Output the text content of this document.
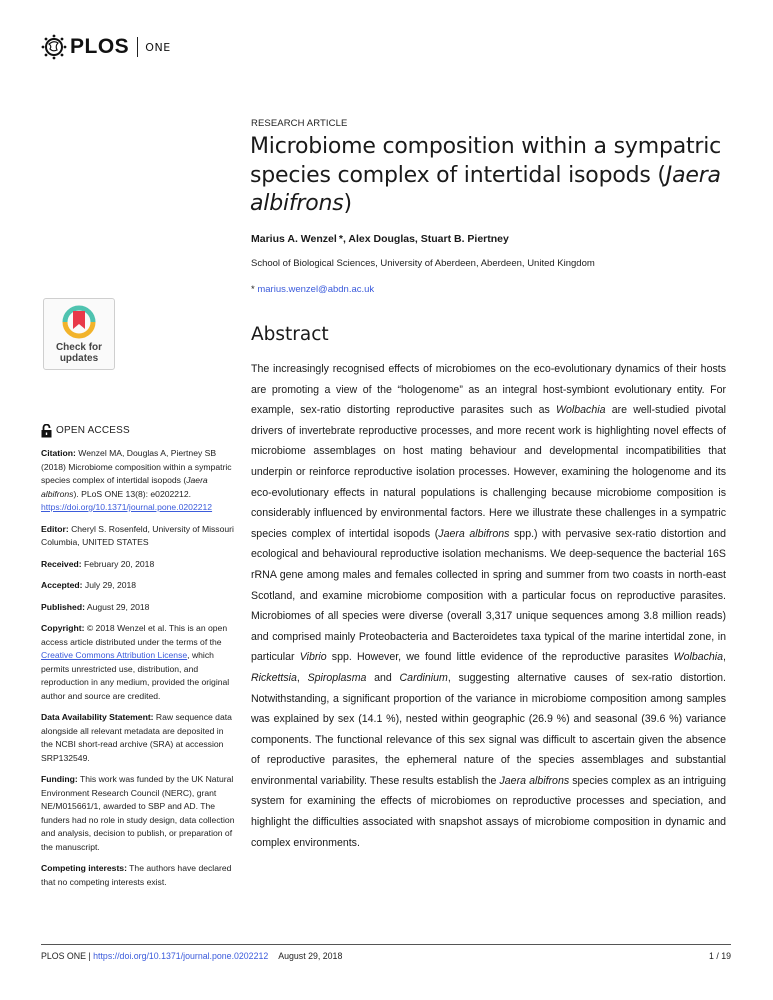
PLOS ONE
RESEARCH ARTICLE
Microbiome composition within a sympatric species complex of intertidal isopods (Jaera albifrons)
Marius A. Wenzel *, Alex Douglas, Stuart B. Piertney
School of Biological Sciences, University of Aberdeen, Aberdeen, United Kingdom
* marius.wenzel@abdn.ac.uk
Check for
updates
OPEN ACCESS

Citation: Wenzel MA, Douglas A, Piertney SB (2018) Microbiome composition within a sympatric species complex of intertidal isopods (Jaera albifrons). PLoS ONE 13(8): e0202212. https://doi.org/10.1371/journal.pone.0202212

Editor: Cheryl S. Rosenfeld, University of Missouri Columbia, UNITED STATES

Received: February 20, 2018

Accepted: July 29, 2018

Published: August 29, 2018

Copyright: © 2018 Wenzel et al. This is an open access article distributed under the terms of the Creative Commons Attribution License, which permits unrestricted use, distribution, and reproduction in any medium, provided the original author and source are credited.

Data Availability Statement: Raw sequence data alongside all relevant metadata are deposited in the NCBI short-read archive (SRA) at accession SRP132549.

Funding: This work was funded by the UK Natural Environment Research Council (NERC), grant NE/M015661/1, awarded to SBP and AD. The funders had no role in study design, data collection and analysis, decision to publish, or preparation of the manuscript.

Competing interests: The authors have declared that no competing interests exist.

Abstract

The increasingly recognised effects of microbiomes on the eco-evolutionary dynamics of their hosts are promoting a view of the “hologenome” as an integral host-symbiont evolutionary entity. For example, sex-ratio distorting reproductive parasites such as Wolbachia are well-studied pivotal drivers of invertebrate reproductive processes, and more recent work is highlighting novel effects of microbiome assemblages on host mating behaviour and developmental incompatibilities that underpin or reinforce reproductive isolation processes. However, examining the hologenome and its eco-evolutionary effects in natural populations is challenging because microbiome composition is considerably influenced by environmental factors. Here we illustrate these challenges in a sympatric species complex of intertidal isopods (Jaera albifrons spp.) with pervasive sex-ratio distortion and ecological and behavioural reproductive isolation mechanisms. We deep-sequence the bacterial 16S rRNA gene among males and females collected in spring and summer from two coasts in north-east Scotland, and examine microbiome composition with a particular focus on reproductive parasites. Microbiomes of all species were diverse (overall 3,317 unique sequences among 3.8 million reads) and comprised mainly Proteobacteria and Bacteroidetes taxa typical of the marine intertidal zone, in particular Vibrio spp. However, we found little evidence of the reproductive parasites Wolbachia, Rickettsia, Spiroplasma and Cardinium, suggesting alternative causes of sex-ratio distortion. Notwithstanding, a significant proportion of the variance in microbiome composition among samples was explained by sex (14.1 %), nested within geographic (26.9 %) and seasonal (39.6 %) variance components. The functional relevance of this sex signal was difficult to ascertain given the absence of reproductive parasites, the ephemeral nature of the species assemblages and substantial environmental variability. These results establish the Jaera albifrons species complex as an intriguing system for examining the effects of microbiomes on reproductive processes and speciation, and highlight the difficulties associated with snapshot assays of microbiome composition in dynamic and complex environments.

PLOS ONE | https://doi.org/10.1371/journal.pone.0202212 August 29, 2018	1 / 19
